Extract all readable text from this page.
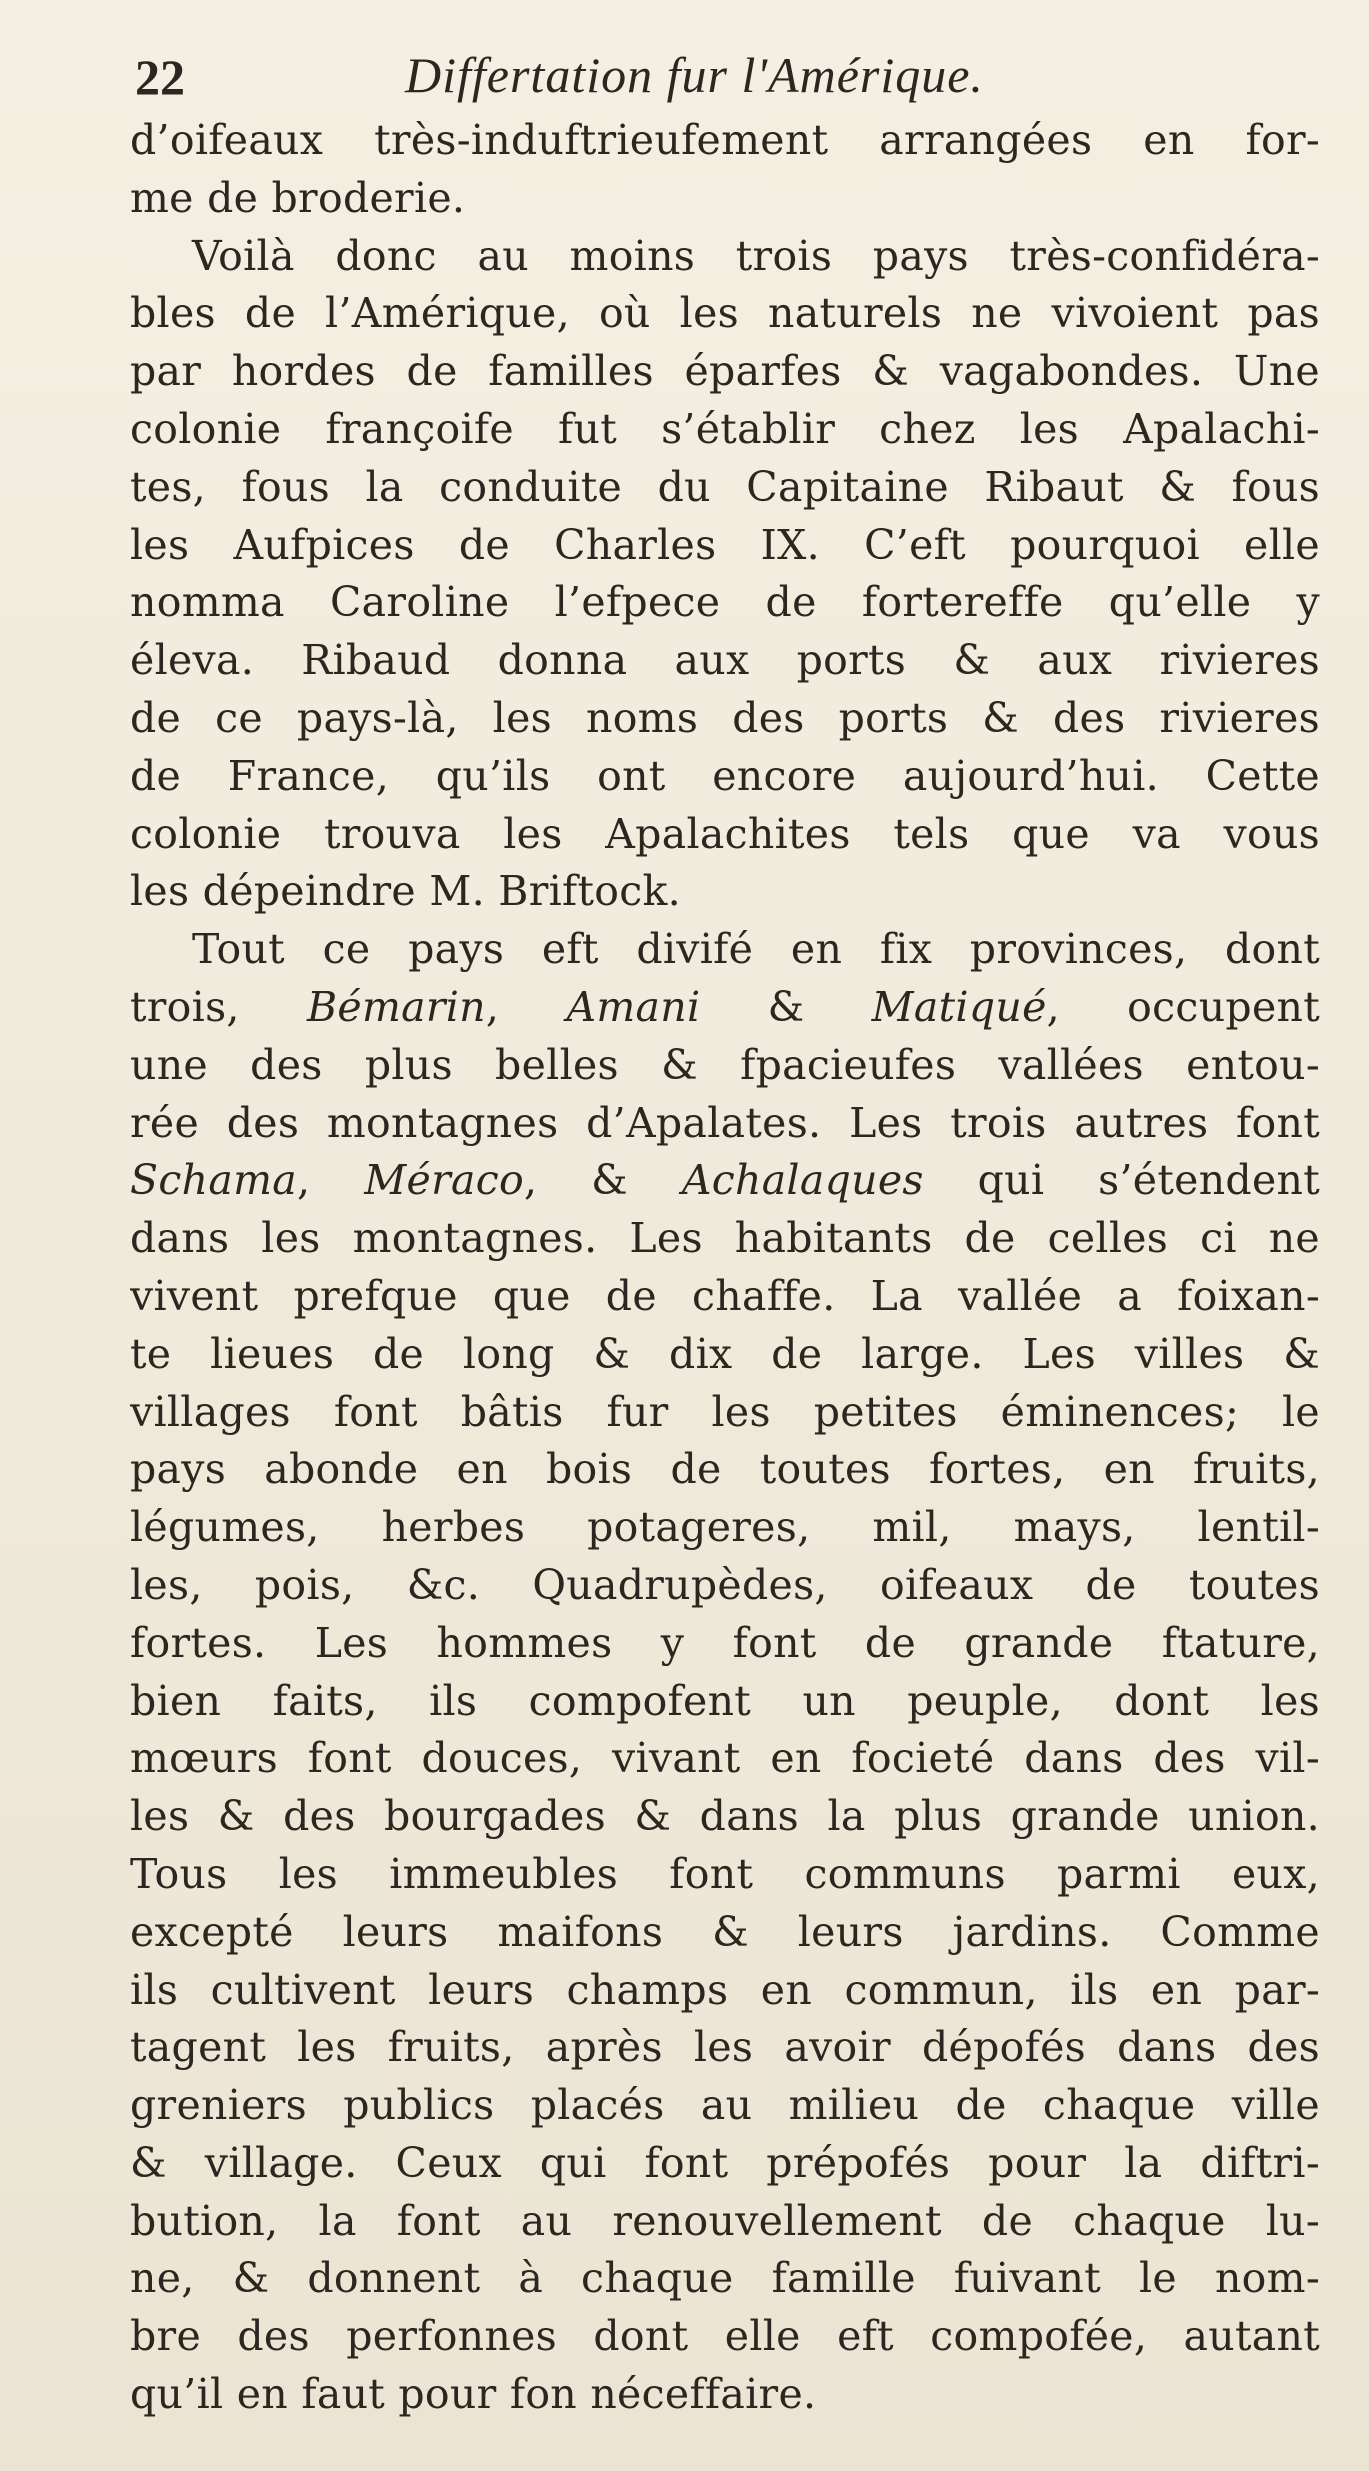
22	Differtation fur l'Amérique.
d’oifeaux très-induftrieufement arrangées en for-
me de broderie.
Voilà donc au moins trois pays très-confidéra-
bles de l’Amérique, où les naturels ne vivoient pas
par hordes de familles éparfes & vagabondes. Une
colonie françoife fut s’établir chez les Apalachi-
tes, fous la conduite du Capitaine Ribaut & fous
les Aufpices de Charles IX. C’eft pourquoi elle
nomma Caroline l’efpece de fortereffe qu’elle y
éleva. Ribaud donna aux ports & aux rivieres
de ce pays-là, les noms des ports & des rivieres
de France, qu’ils ont encore aujourd’hui. Cette
colonie trouva les Apalachites tels que va vous
les dépeindre M. Briftock.
Tout ce pays eft divifé en fix provinces, dont
trois, Bémarin, Amani & Matiqué, occupent
une des plus belles & fpacieufes vallées entou-
rée des montagnes d’Apalates. Les trois autres font
Schama, Méraco, & Achalaques qui s’étendent
dans les montagnes. Les habitants de celles ci ne
vivent prefque que de chaffe. La vallée a foixan-
te lieues de long & dix de large. Les villes &
villages font bâtis fur les petites éminences; le
pays abonde en bois de toutes fortes, en fruits,
légumes, herbes potageres, mil, mays, lentil-
les, pois, &c. Quadrupèdes, oifeaux de toutes
fortes. Les hommes y font de grande ftature,
bien faits, ils compofent un peuple, dont les
mœurs font douces, vivant en focieté dans des vil-
les & des bourgades & dans la plus grande union.
Tous les immeubles font communs parmi eux,
excepté leurs maifons & leurs jardins. Comme
ils cultivent leurs champs en commun, ils en par-
tagent les fruits, après les avoir dépofés dans des
greniers publics placés au milieu de chaque ville
& village. Ceux qui font prépofés pour la diftri-
bution, la font au renouvellement de chaque lu-
ne, & donnent à chaque famille fuivant le nom-
bre des perfonnes dont elle eft compofée, autant
qu’il en faut pour fon néceffaire.
